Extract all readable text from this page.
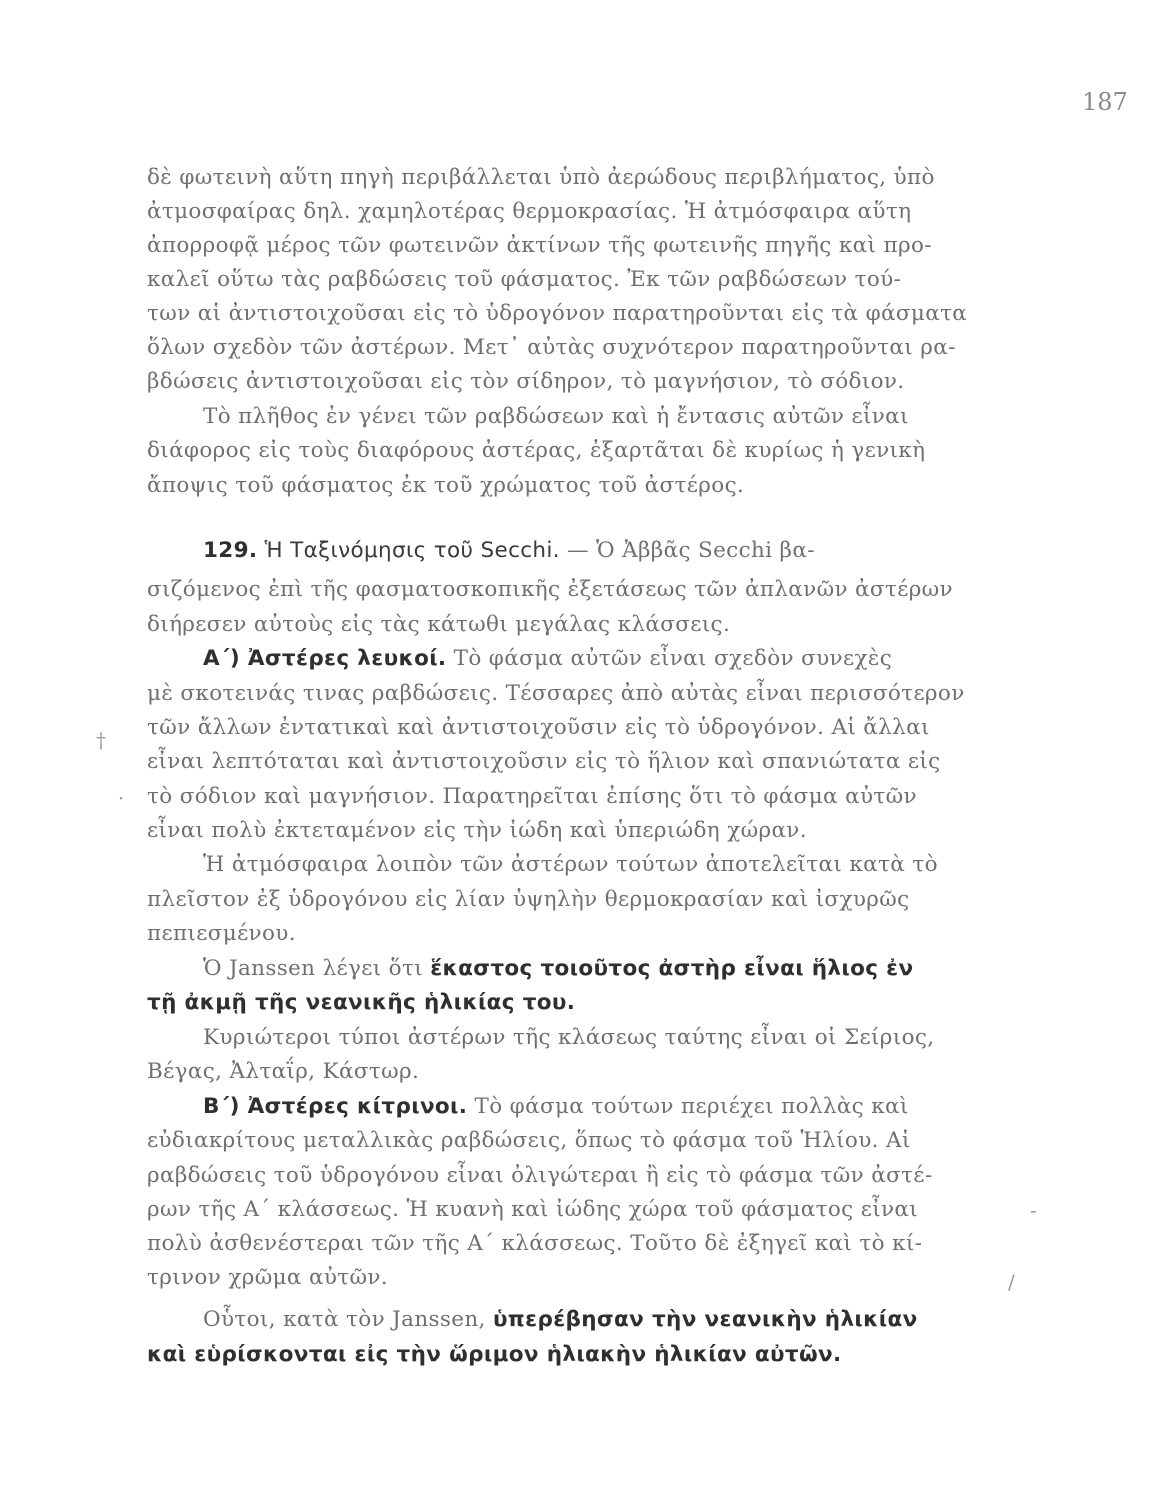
187
δὲ φωτεινὴ αὕτη πηγὴ περιβάλλεται ὑπὸ ἀερώδους περιβλήματος, ὑπὸ
ἀτμοσφαίρας δηλ. χαμηλοτέρας θερμοκρασίας. Ἡ ἀτμόσφαιρα αὕτη
ἀπορροφᾷ μέρος τῶν φωτεινῶν ἀκτίνων τῆς φωτεινῆς πηγῆς καὶ προ-
καλεῖ οὕτω τὰς ραβδώσεις τοῦ φάσματος. Ἐκ τῶν ραβδώσεων τού-
των αἱ ἀντιστοιχοῦσαι εἰς τὸ ὑδρογόνον παρατηροῦνται εἰς τὰ φάσματα
ὅλων σχεδὸν τῶν ἀστέρων. Μετ᾿ αὐτὰς συχνότερον παρατηροῦνται ρα-
βδώσεις ἀντιστοιχοῦσαι εἰς τὸν σίδηρον, τὸ μαγνήσιον, τὸ σόδιον.
Τὸ πλῆθος ἐν γένει τῶν ραβδώσεων καὶ ἡ ἔντασις αὐτῶν εἶναι
διάφορος εἰς τοὺς διαφόρους ἀστέρας, ἐξαρτᾶται δὲ κυρίως ἡ γενικὴ
ἄποψις τοῦ φάσματος ἐκ τοῦ χρώματος τοῦ ἀστέρος.
129. Ἡ Ταξινόμησις τοῦ Secchi. — Ὁ Ἀββᾶς Secchi βα-
σιζόμενος ἐπὶ τῆς φασματοσκοπικῆς ἐξετάσεως τῶν ἀπλανῶν ἀστέρων
διήρεσεν αὐτοὺς εἰς τὰς κάτωθι μεγάλας κλάσσεις.
Α΄) Ἀστέρες λευκοί. Τὸ φάσμα αὐτῶν εἶναι σχεδὸν συνεχὲς
μὲ σκοτεινάς τινας ραβδώσεις. Τέσσαρες ἀπὸ αὐτὰς εἶναι περισσότερον
τῶν ἄλλων ἐντατικαὶ καὶ ἀντιστοιχοῦσιν εἰς τὸ ὑδρογόνον. Αἱ ἄλλαι
εἶναι λεπτόταται καὶ ἀντιστοιχοῦσιν εἰς τὸ ἥλιον καὶ σπανιώτατα εἰς
τὸ σόδιον καὶ μαγνήσιον. Παρατηρεῖται ἐπίσης ὅτι τὸ φάσμα αὐτῶν
εἶναι πολὺ ἐκτεταμένον εἰς τὴν ἰώδη καὶ ὑπεριώδη χώραν.
Ἡ ἀτμόσφαιρα λοιπὸν τῶν ἀστέρων τούτων ἀποτελεῖται κατὰ τὸ
πλεῖστον ἐξ ὑδρογόνου εἰς λίαν ὑψηλὴν θερμοκρασίαν καὶ ἰσχυρῶς
πεπιεσμένου.
Ὁ Janssen λέγει ὅτι ἕκαστος τοιοῦτος ἀστὴρ εἶναι ἥλιος ἐν
τῇ ἀκμῇ τῆς νεανικῆς ἡλικίας του.
Κυριώτεροι τύποι ἀστέρων τῆς κλάσεως ταύτης εἶναι οἱ Σείριος,
Βέγας, Ἀλταΐρ, Κάστωρ.
Β΄) Ἀστέρες κίτρινοι. Τὸ φάσμα τούτων περιέχει πολλὰς καὶ
εὐδιακρίτους μεταλλικὰς ραβδώσεις, ὅπως τὸ φάσμα τοῦ Ἡλίου. Αἱ
ραβδώσεις τοῦ ὑδρογόνου εἶναι ὀλιγώτεραι ἢ εἰς τὸ φάσμα τῶν ἀστέ-
ρων τῆς Α΄ κλάσσεως. Ἡ κυανὴ καὶ ἰώδης χώρα τοῦ φάσματος εἶναι
πολὺ ἀσθενέστεραι τῶν τῆς Α΄ κλάσσεως. Τοῦτο δὲ ἐξηγεῖ καὶ τὸ κί-
τρινον χρῶμα αὐτῶν.
Οὗτοι, κατὰ τὸν Janssen, ὑπερέβησαν τὴν νεανικὴν ἡλικίαν
καὶ εὑρίσκονται εἰς τὴν ὥριμον ἡλιακὴν ἡλικίαν αὐτῶν.
†
·
‐
/
